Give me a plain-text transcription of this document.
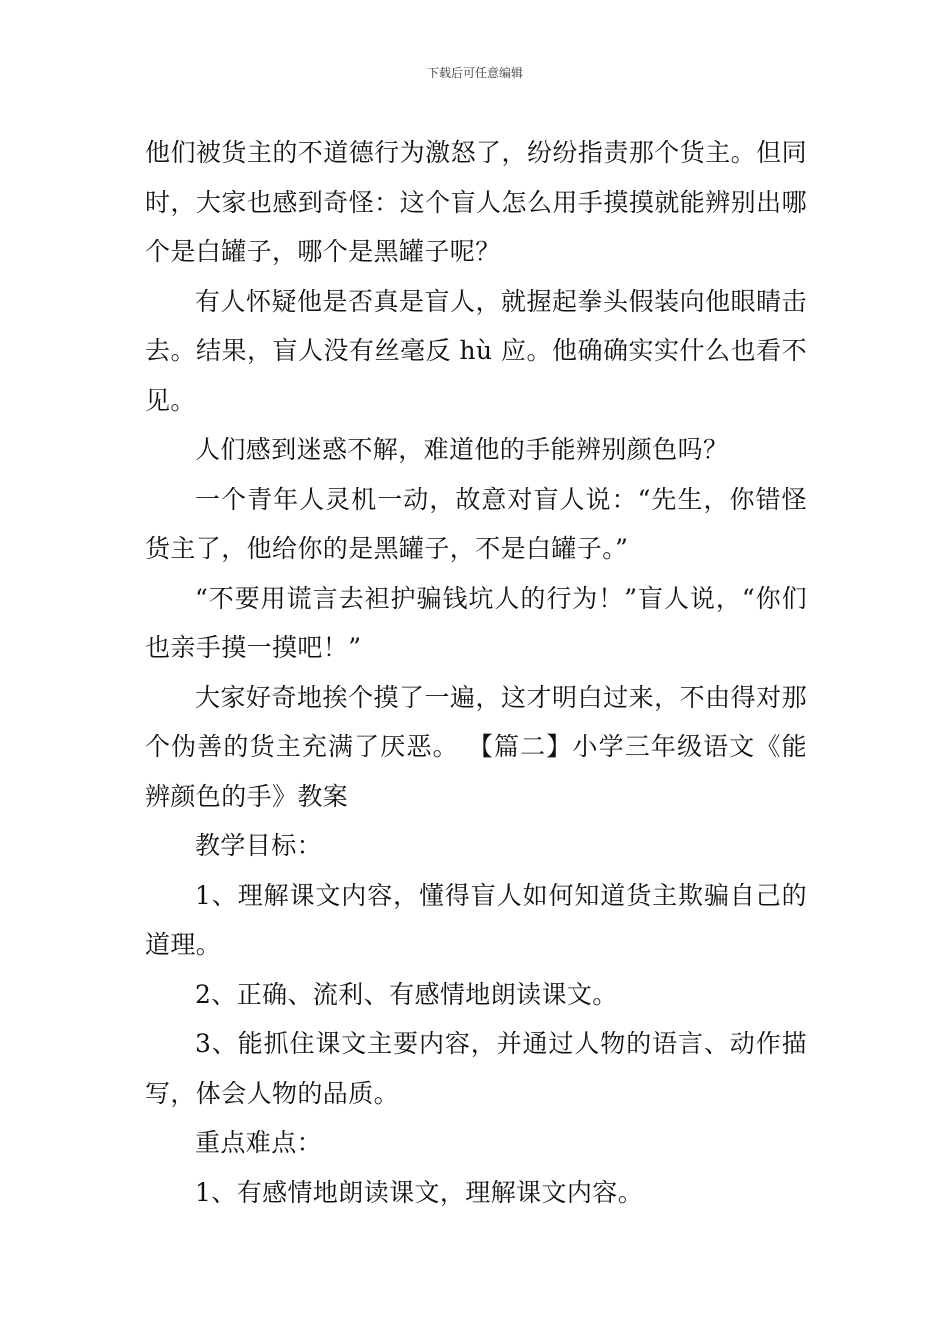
下载后可任意编辑

他们被货主的不道德行为激怒了，纷纷指责那个货主。但同时，大家也感到奇怪：这个盲人怎么用手摸摸就能辨别出哪个是白罐子，哪个是黑罐子呢？

有人怀疑他是否真是盲人，就握起拳头假装向他眼睛击去。结果，盲人没有丝毫反 hù 应。他确确实实什么也看不见。

人们感到迷惑不解，难道他的手能辨别颜色吗？

一个青年人灵机一动，故意对盲人说：“先生，你错怪货主了，他给你的是黑罐子，不是白罐子。”

“不要用谎言去袒护骗钱坑人的行为！”盲人说，“你们也亲手摸一摸吧！”

大家好奇地挨个摸了一遍，这才明白过来，不由得对那个伪善的货主充满了厌恶。 【篇二】小学三年级语文《能辨颜色的手》教案

教学目标：

1、理解课文内容，懂得盲人如何知道货主欺骗自己的道理。

2、正确、流利、有感情地朗读课文。

3、能抓住课文主要内容，并通过人物的语言、动作描写，体会人物的品质。

重点难点：

1、有感情地朗读课文，理解课文内容。
